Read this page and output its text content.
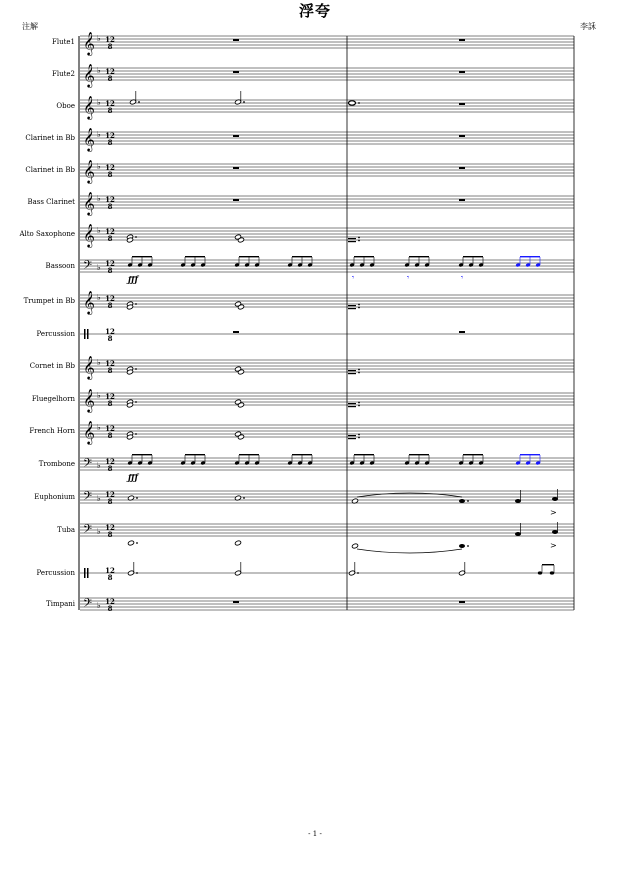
Flute1 𝄞 ♭ 12
8
Flute2 𝄞 ♭ 12
8
Oboe 𝄞 ♭ 12
8
Clarinet in Bb 𝄞 ♭ 12
8
Clarinet in Bb 𝄞 ♭ 12
8
Bass Clarinet 𝄞 ♭ 12
8
Alto Saxophone 𝄞 ♭ 12
8
Bassoon 𝄢 ♭ 12
8
Trumpet in Bb 𝄞 ♭ 12
8
Percussion	12
8
Cornet in Bb 𝄞 ♭ 12
8
Fluegelhorn 𝄞 ♭ 12
8
French Horn 𝄞 ♭ 12
8
Trombone 𝄢 ♭ 12
8
Euphonium 𝄢 ♭ 12
8
Tuba 𝄢 ♭ 12
8
Percussion	12
8
Timpani 𝄢 ♭ 12
8
ƒƒƒ
ƒƒƒ
𝄾	𝄾	𝄾
>
>
浮夸
注解	李訸
- 1 -
